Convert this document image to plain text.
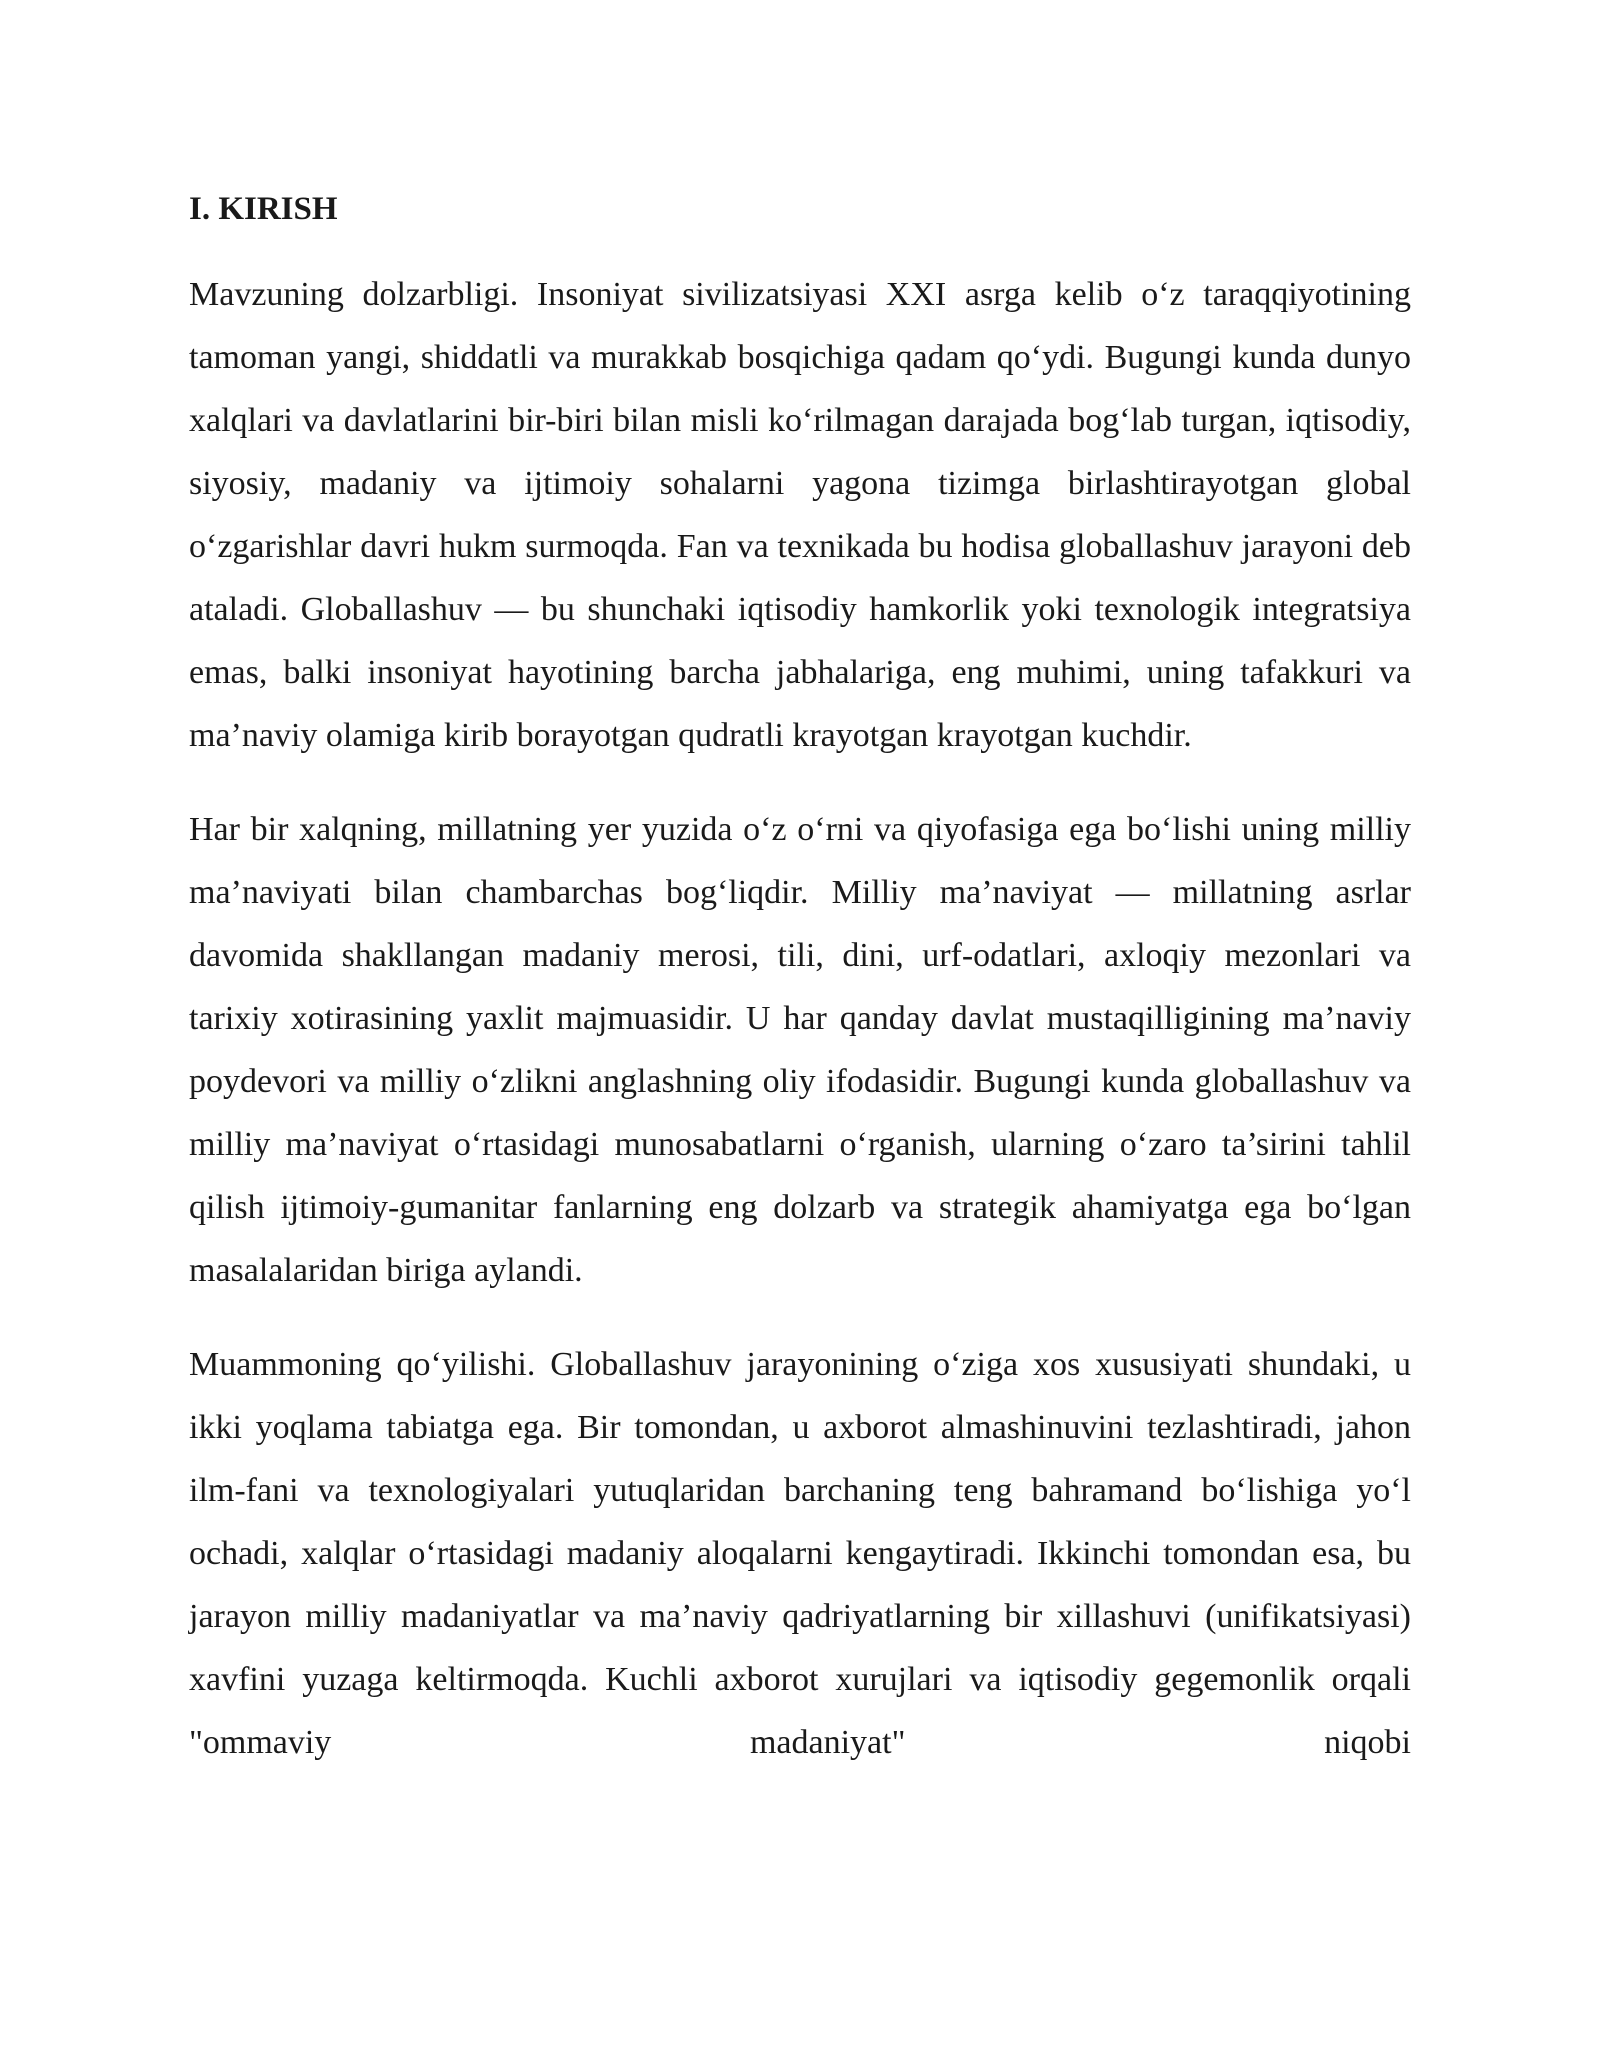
I. KIRISH

Mavzuning dolzarbligi. Insoniyat sivilizatsiyasi XXI asrga kelib o‘z taraqqiyotining tamoman yangi, shiddatli va murakkab bosqichiga qadam qo‘ydi. Bugungi kunda dunyo xalqlari va davlatlarini bir-biri bilan misli ko‘rilmagan darajada bog‘lab turgan, iqtisodiy, siyosiy, madaniy va ijtimoiy sohalarni yagona tizimga birlashtirayotgan global o‘zgarishlar davri hukm surmoqda. Fan va texnikada bu hodisa globallashuv jarayoni deb ataladi. Globallashuv — bu shunchaki iqtisodiy hamkorlik yoki texnologik integratsiya emas, balki insoniyat hayotining barcha jabhalariga, eng muhimi, uning tafakkuri va ma’naviy olamiga kirib borayotgan qudratli krayotgan krayotgan kuchdir.

Har bir xalqning, millatning yer yuzida o‘z o‘rni va qiyofasiga ega bo‘lishi uning milliy ma’naviyati bilan chambarchas bog‘liqdir. Milliy ma’naviyat — millatning asrlar davomida shakllangan madaniy merosi, tili, dini, urf-odatlari, axloqiy mezonlari va tarixiy xotirasining yaxlit majmuasidir. U har qanday davlat mustaqilligining ma’naviy poydevori va milliy o‘zlikni anglashning oliy ifodasidir. Bugungi kunda globallashuv va milliy ma’naviyat o‘rtasidagi munosabatlarni o‘rganish, ularning o‘zaro ta’sirini tahlil qilish ijtimoiy-gumanitar fanlarning eng dolzarb va strategik ahamiyatga ega bo‘lgan masalalaridan biriga aylandi.

Muammoning qo‘yilishi. Globallashuv jarayonining o‘ziga xos xususiyati shundaki, u ikki yoqlama tabiatga ega. Bir tomondan, u axborot almashinuvini tezlashtiradi, jahon ilm-fani va texnologiyalari yutuqlaridan barchaning teng bahramand bo‘lishiga yo‘l ochadi, xalqlar o‘rtasidagi madaniy aloqalarni kengaytiradi. Ikkinchi tomondan esa, bu jarayon milliy madaniyatlar va ma’naviy qadriyatlarning bir xillashuvi (unifikatsiyasi) xavfini yuzaga keltirmoqda. Kuchli axborot xurujlari va iqtisodiy gegemonlik orqali "ommaviy madaniyat" niqobi
